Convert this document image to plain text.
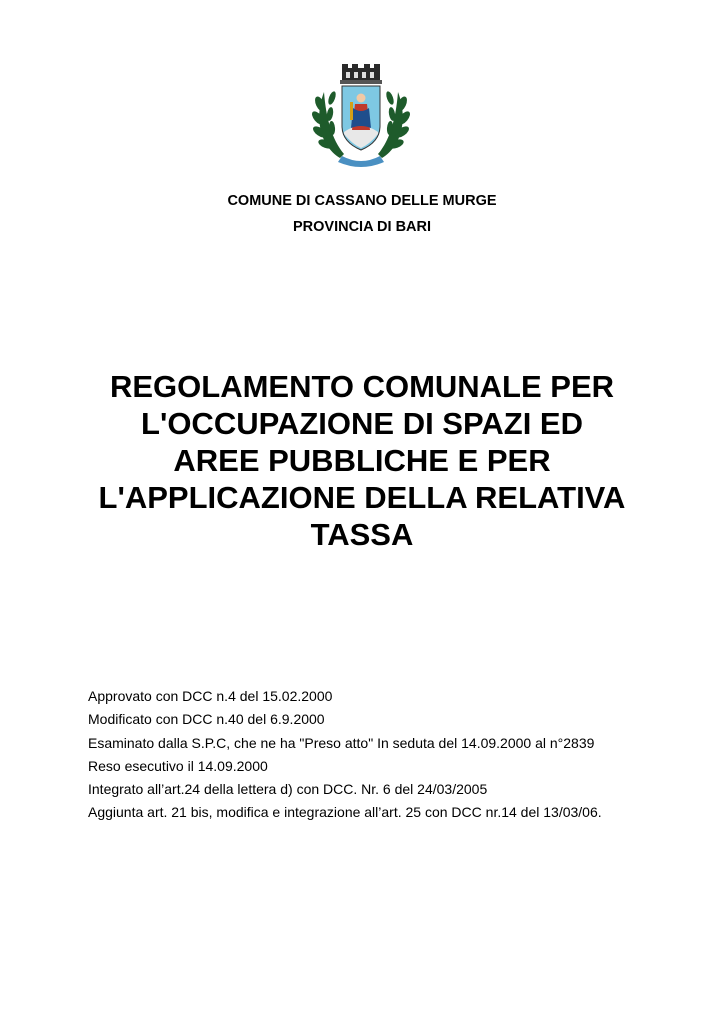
COMUNE DI CASSANO DELLE MURGE
PROVINCIA DI BARI
REGOLAMENTO COMUNALE PER
L'OCCUPAZIONE DI SPAZI ED
AREE PUBBLICHE E PER
L'APPLICAZIONE DELLA RELATIVA
TASSA
Approvato con DCC n.4 del 15.02.2000
Modificato con DCC n.40 del 6.9.2000
Esaminato dalla S.P.C, che ne ha "Preso atto" In seduta del 14.09.2000 al n°2839
Reso esecutivo il 14.09.2000
Integrato all’art.24 della lettera d) con DCC. Nr. 6 del 24/03/2005
Aggiunta art. 21 bis, modifica e integrazione all’art. 25 con DCC nr.14 del 13/03/06.
